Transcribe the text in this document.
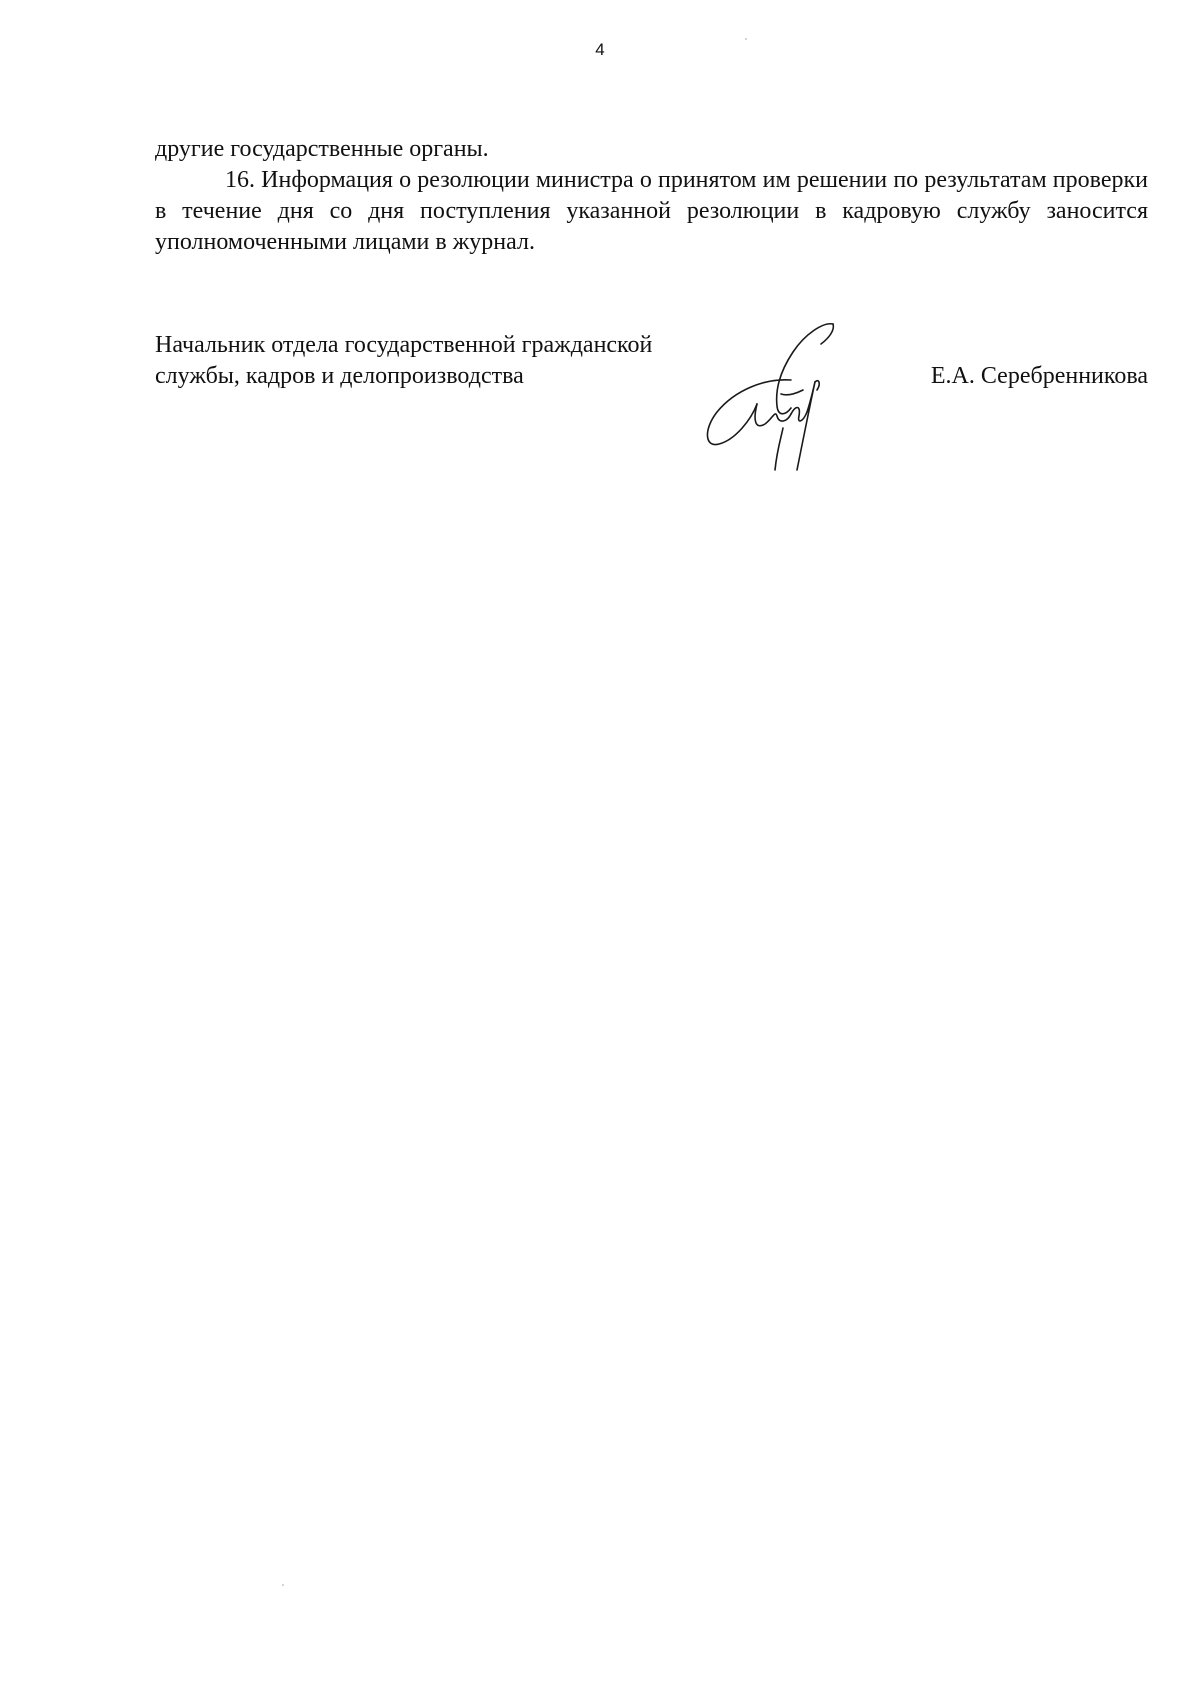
4

другие государственные органы.

16. Информация о резолюции министра о принятом им решении по результатам проверки в течение дня со дня поступления указанной резолюции в кадровую службу заносится уполномоченными лицами в журнал.

Начальник отдела государственной гражданской
службы, кадров и делопроизводства	Е.А. Серебренникова
